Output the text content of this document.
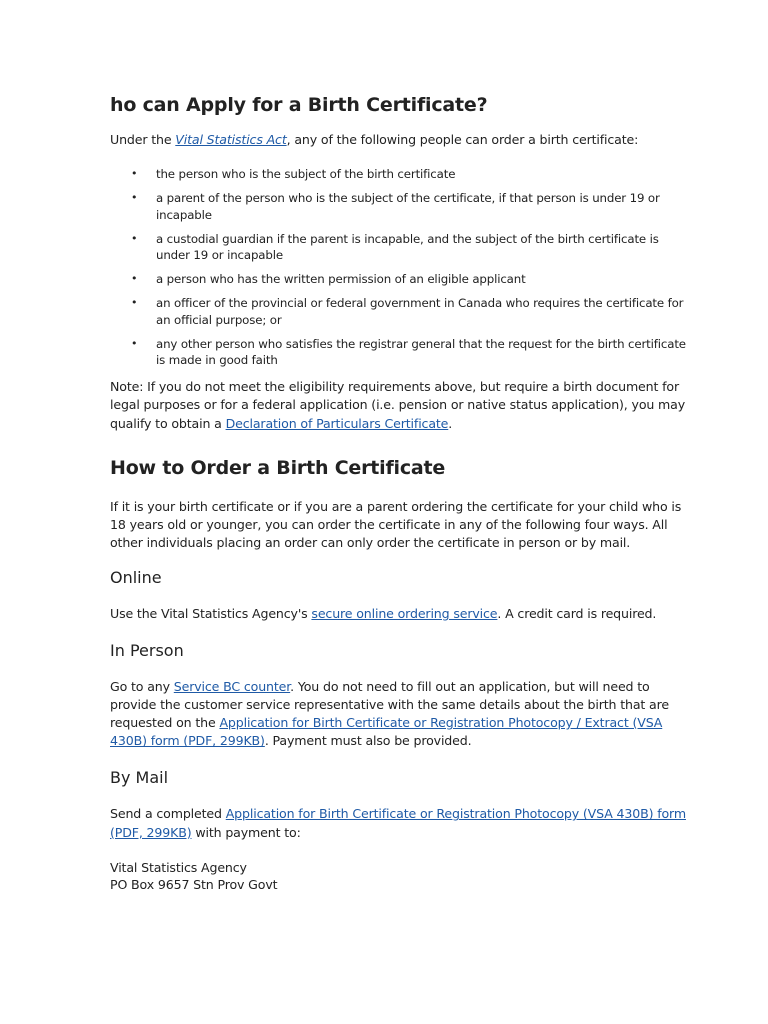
ho can Apply for a Birth Certificate?

Under the Vital Statistics Act, any of the following people can order a birth certificate:

• the person who is the subject of the birth certificate
• a parent of the person who is the subject of the certificate, if that person is under 19 or incapable
• a custodial guardian if the parent is incapable, and the subject of the birth certificate is under 19 or incapable
• a person who has the written permission of an eligible applicant
• an officer of the provincial or federal government in Canada who requires the certificate for an official purpose; or
• any other person who satisfies the registrar general that the request for the birth certificate is made in good faith

Note: If you do not meet the eligibility requirements above, but require a birth document for legal purposes or for a federal application (i.e. pension or native status application), you may qualify to obtain a Declaration of Particulars Certificate.

How to Order a Birth Certificate

If it is your birth certificate or if you are a parent ordering the certificate for your child who is 18 years old or younger, you can order the certificate in any of the following four ways. All other individuals placing an order can only order the certificate in person or by mail.

Online

Use the Vital Statistics Agency's secure online ordering service. A credit card is required.

In Person

Go to any Service BC counter. You do not need to fill out an application, but will need to provide the customer service representative with the same details about the birth that are requested on the Application for Birth Certificate or Registration Photocopy / Extract (VSA 430B) form (PDF, 299KB). Payment must also be provided.

By Mail

Send a completed Application for Birth Certificate or Registration Photocopy (VSA 430B) form (PDF, 299KB) with payment to:

Vital Statistics Agency

PO Box 9657 Stn Prov Govt
